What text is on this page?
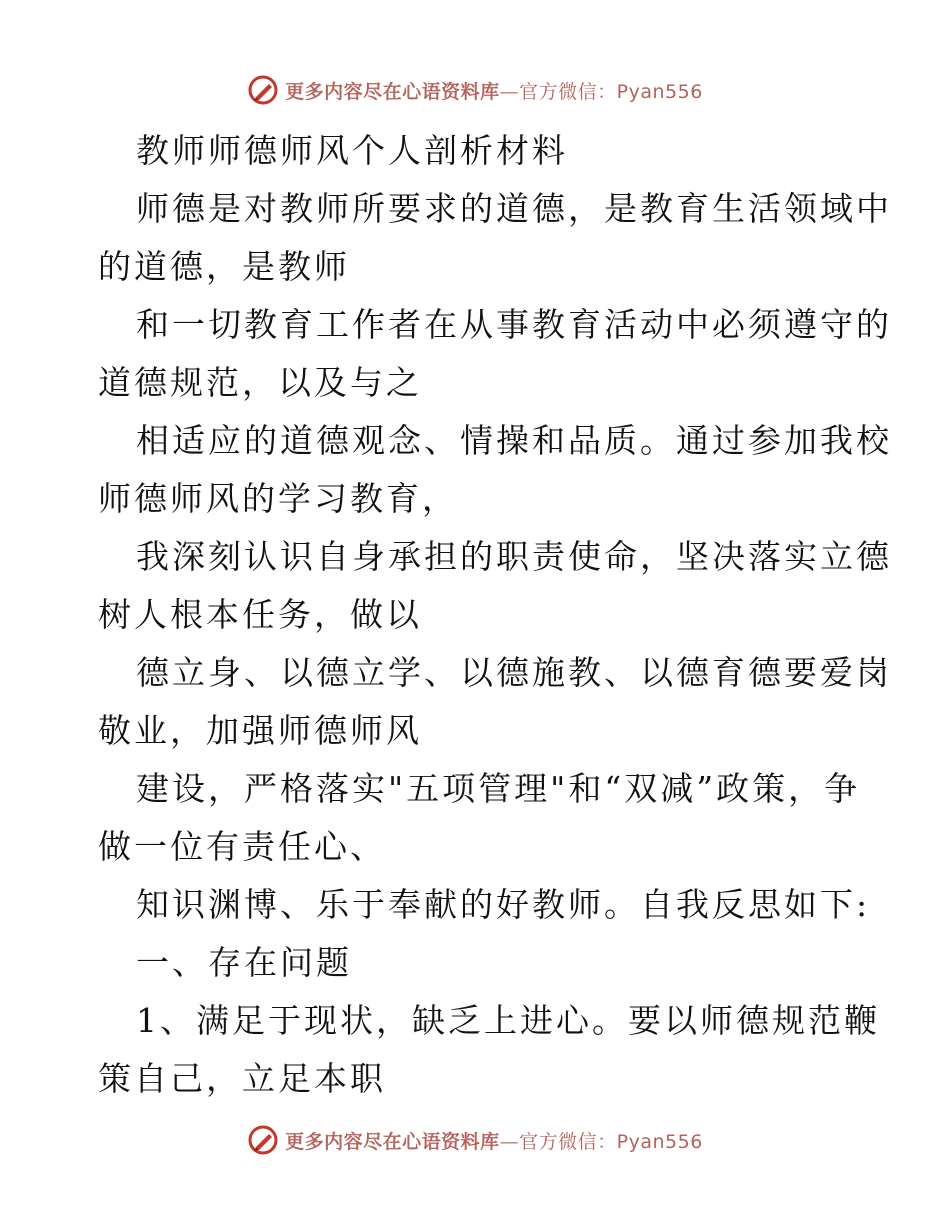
更多内容尽在心语资料库—官方微信：Pyan556
教师师德师风个人剖析材料
师德是对教师所要求的道德，是教育生活领域中
的道德，是教师
和一切教育工作者在从事教育活动中必须遵守的
道德规范，以及与之
相适应的道德观念、情操和品质。通过参加我校
师德师风的学习教育，
我深刻认识自身承担的职责使命，坚决落实立德
树人根本任务，做以
德立身、以德立学、以德施教、以德育德要爱岗
敬业，加强师德师风
建设，严格落实"五项管理"和“双减”政策，争
做一位有责任心、
知识渊博、乐于奉献的好教师。自我反思如下:
一、存在问题
1、满足于现状，缺乏上进心。要以师德规范鞭
策自己，立足本职
更多内容尽在心语资料库—官方微信：Pyan556
